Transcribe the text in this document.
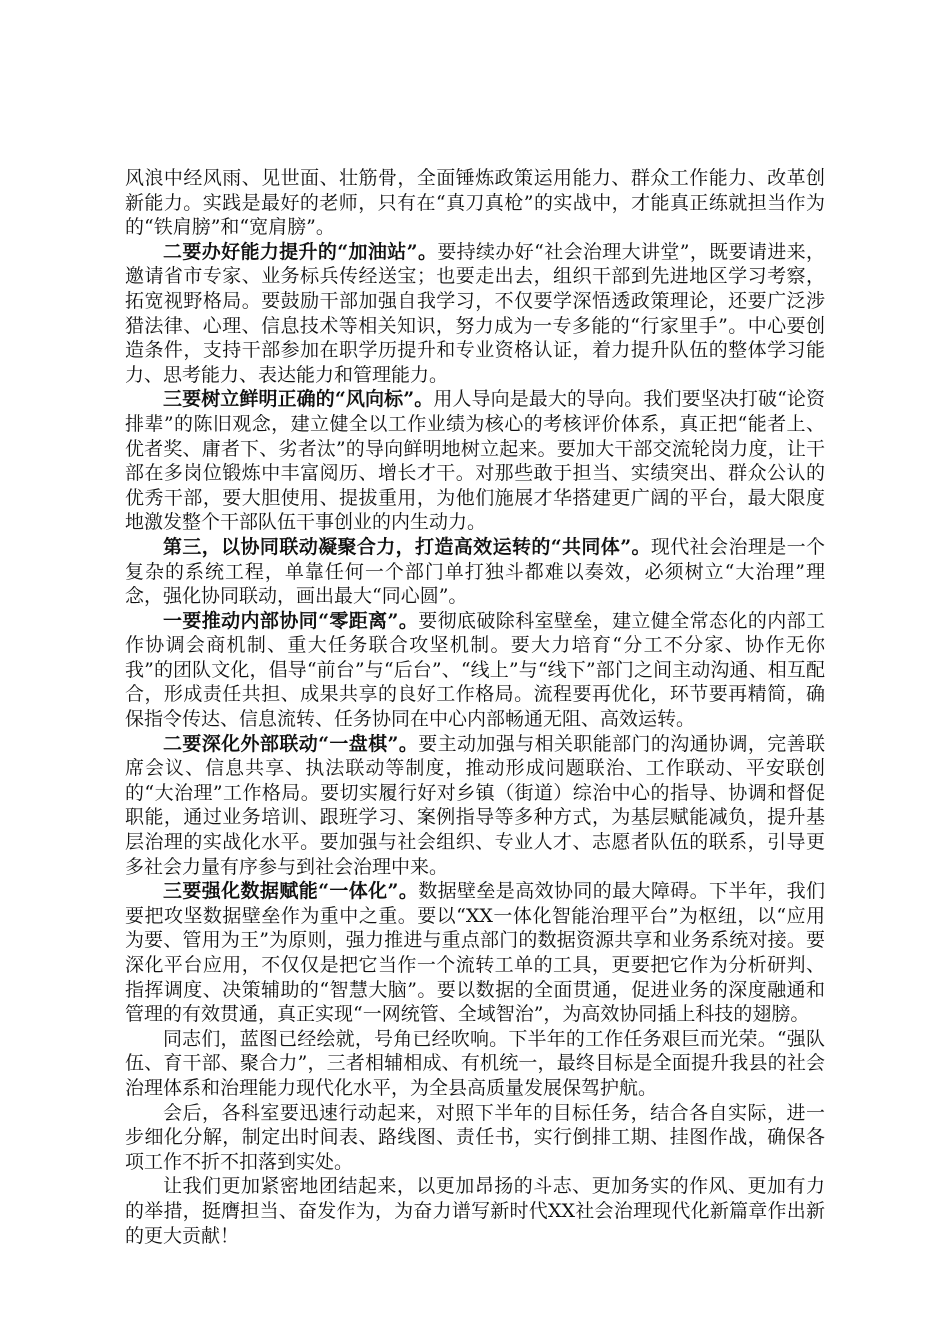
风浪中经风雨、见世面、壮筋骨，全面锤炼政策运用能力、群众工作能力、改革创新能力。实践是最好的老师，只有在“真刀真枪”的实战中，才能真正练就担当作为的“铁肩膀”和“宽肩膀”。

二要办好能力提升的“加油站”。要持续办好“社会治理大讲堂”，既要请进来，邀请省市专家、业务标兵传经送宝；也要走出去，组织干部到先进地区学习考察，拓宽视野格局。要鼓励干部加强自我学习，不仅要学深悟透政策理论，还要广泛涉猎法律、心理、信息技术等相关知识，努力成为一专多能的“行家里手”。中心要创造条件，支持干部参加在职学历提升和专业资格认证，着力提升队伍的整体学习能力、思考能力、表达能力和管理能力。

三要树立鲜明正确的“风向标”。用人导向是最大的导向。我们要坚决打破“论资排辈”的陈旧观念，建立健全以工作业绩为核心的考核评价体系，真正把“能者上、优者奖、庸者下、劣者汰”的导向鲜明地树立起来。要加大干部交流轮岗力度，让干部在多岗位锻炼中丰富阅历、增长才干。对那些敢于担当、实绩突出、群众公认的优秀干部，要大胆使用、提拔重用，为他们施展才华搭建更广阔的平台，最大限度地激发整个干部队伍干事创业的内生动力。

第三，以协同联动凝聚合力，打造高效运转的“共同体”。现代社会治理是一个复杂的系统工程，单靠任何一个部门单打独斗都难以奏效，必须树立“大治理”理念，强化协同联动，画出最大“同心圆”。

一要推动内部协同“零距离”。要彻底破除科室壁垒，建立健全常态化的内部工作协调会商机制、重大任务联合攻坚机制。要大力培育“分工不分家、协作无你我”的团队文化，倡导“前台”与“后台”、“线上”与“线下”部门之间主动沟通、相互配合，形成责任共担、成果共享的良好工作格局。流程要再优化，环节要再精简，确保指令传达、信息流转、任务协同在中心内部畅通无阻、高效运转。

二要深化外部联动“一盘棋”。要主动加强与相关职能部门的沟通协调，完善联席会议、信息共享、执法联动等制度，推动形成问题联治、工作联动、平安联创的“大治理”工作格局。要切实履行好对乡镇（街道）综治中心的指导、协调和督促职能，通过业务培训、跟班学习、案例指导等多种方式，为基层赋能减负，提升基层治理的实战化水平。要加强与社会组织、专业人才、志愿者队伍的联系，引导更多社会力量有序参与到社会治理中来。

三要强化数据赋能“一体化”。数据壁垒是高效协同的最大障碍。下半年，我们要把攻坚数据壁垒作为重中之重。要以“XX一体化智能治理平台”为枢纽，以“应用为要、管用为王”为原则，强力推进与重点部门的数据资源共享和业务系统对接。要深化平台应用，不仅仅是把它当作一个流转工单的工具，更要把它作为分析研判、指挥调度、决策辅助的“智慧大脑”。要以数据的全面贯通，促进业务的深度融通和管理的有效贯通，真正实现“一网统管、全域智治”，为高效协同插上科技的翅膀。

同志们，蓝图已经绘就，号角已经吹响。下半年的工作任务艰巨而光荣。“强队伍、育干部、聚合力”，三者相辅相成、有机统一，最终目标是全面提升我县的社会治理体系和治理能力现代化水平，为全县高质量发展保驾护航。

会后，各科室要迅速行动起来，对照下半年的目标任务，结合各自实际，进一步细化分解，制定出时间表、路线图、责任书，实行倒排工期、挂图作战，确保各项工作不折不扣落到实处。

让我们更加紧密地团结起来，以更加昂扬的斗志、更加务实的作风、更加有力的举措，挺膺担当、奋发作为，为奋力谱写新时代XX社会治理现代化新篇章作出新的更大贡献！
